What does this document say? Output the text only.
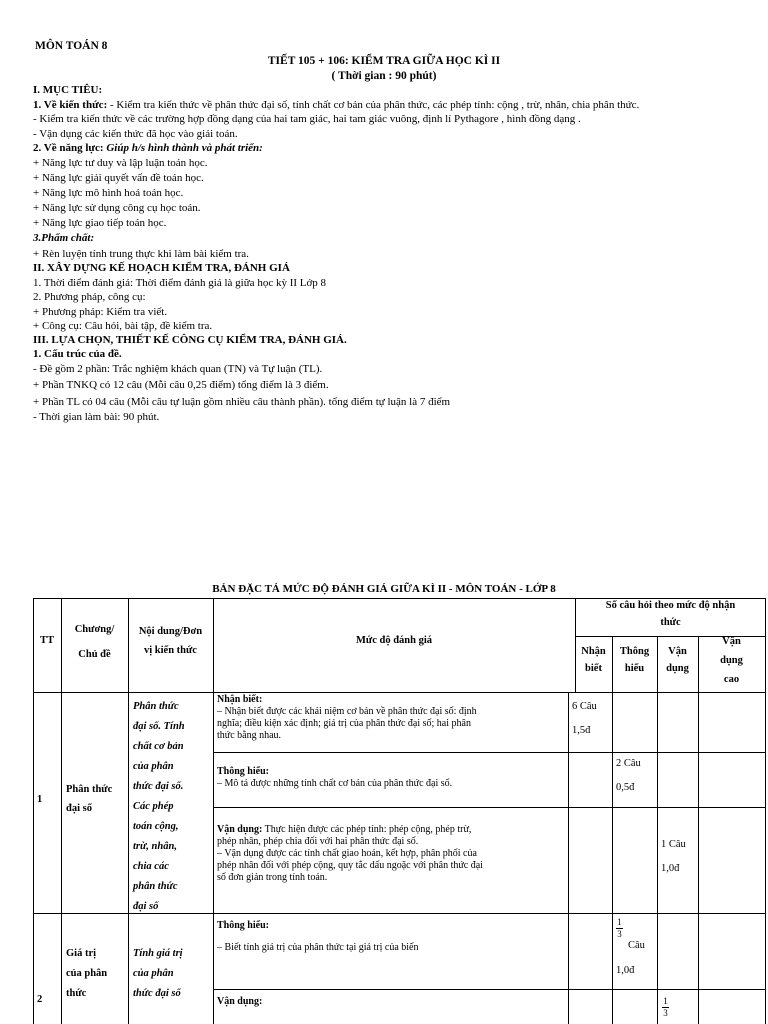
MÔN TOÁN 8
TIẾT 105 + 106: KIỂM TRA GIỮA HỌC KÌ II
( Thời gian : 90 phút)
I. MỤC TIÊU:
1. Về kiến thức: - Kiểm tra kiến thức về phân thức đại số, tính chất cơ bản của phân thức, các phép tính: cộng , trừ, nhân, chia phân thức.
- Kiểm tra kiến thức về các trường hợp đồng dạng của hai tam giác, hai tam giác vuông, định lí Pythagore , hình đồng dạng .
- Vận dụng các kiến thức đã học vào giải toán.
2. Về năng lực: Giúp h/s hình thành và phát triển:
+ Năng lực tư duy và lập luận toán học.
+ Năng lực giải quyết vấn đề toán học.
+ Năng lực mô hình hoá toán học.
+ Năng lực sử dụng công cụ học toán.
+ Năng lực giao tiếp toán học.
3.Phẩm chất:
+ Rèn luyện tính trung thực khi làm bài kiểm tra.
II. XÂY DỰNG KẾ HOẠCH KIỂM TRA, ĐÁNH GIÁ
1. Thời điểm đánh giá: Thời điểm đánh giá là giữa học kỳ II Lớp 8
2. Phương pháp, công cụ:
+ Phương pháp: Kiểm tra viết.
+ Công cụ: Câu hỏi, bài tập, đề kiểm tra.
III. LỰA CHỌN, THIẾT KẾ CÔNG CỤ KIỂM TRA, ĐÁNH GIÁ.
1. Cấu trúc của đề.
- Đề gồm 2 phần: Trắc nghiệm khách quan (TN) và Tự luận (TL).
+ Phần TNKQ có 12 câu (Mỗi câu 0,25 điểm) tổng điểm là 3 điểm.
+ Phần TL có 04 câu (Mỗi câu tự luận gồm nhiều câu thành phần). tổng điểm tự luận là 7 điểm
- Thời gian làm bài: 90 phút.
BẢN ĐẶC TẢ MỨC ĐỘ ĐÁNH GIÁ GIỮA KÌ II - MÔN TOÁN - LỚP 8
TT
Chương/
Chủ đề
Nội dung/Đơn
vị kiến thức
Mức độ đánh giá
Số câu hỏi theo mức độ nhận
thức
Nhận
biết
Thông
hiểu
Vận
dụng
Vận
dụng
cao
1
Phân thức
đại số
Phân thức
đại số. Tính
chất cơ bản
của phân
thức đại số.
Các phép
toán cộng,
trừ, nhân,
chia các
phân thức
đại số
Nhận biết:
– Nhận biết được các khái niệm cơ bản về phân thức đại số: định
nghĩa; điều kiện xác định; giá trị của phân thức đại số; hai phân
thức bằng nhau.
6 Câu
1,5đ
Thông hiểu:
– Mô tả được những tính chất cơ bản của phân thức đại số.
2 Câu
0,5đ
Vận dụng: Thực hiện được các phép tính: phép cộng, phép trừ,
phép nhân, phép chia đối với hai phân thức đại số.
– Vận dụng được các tính chất giao hoán, kết hợp, phân phối của
phép nhân đối với phép cộng, quy tắc dấu ngoặc với phân thức đại
số đơn giản trong tính toán.
1 Câu
1,0đ
2
Giá trị
của phân
thức
Tính giá trị
của phân
thức đại số
Thông hiểu:
– Biết tính giá trị của phân thức tại giá trị của biến
$\frac{1}{3}$
Câu
1,0đ
Vận dụng:	$\frac{1}{3}$
